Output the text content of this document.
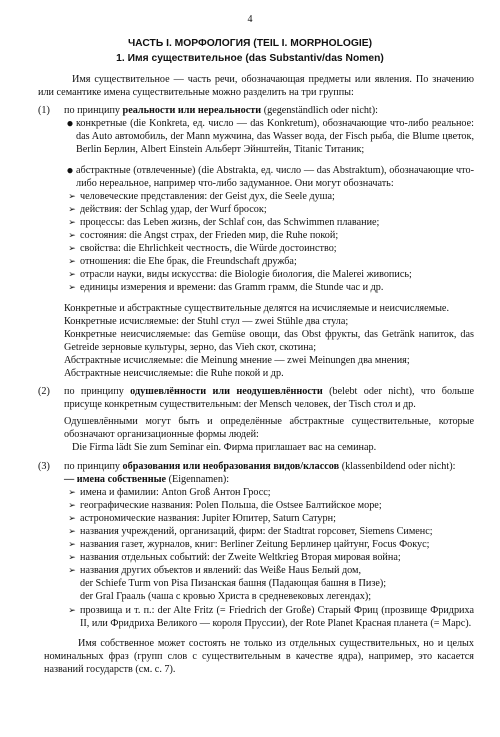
4
ЧАСТЬ I. МОРФОЛОГИЯ (TEIL I. MORPHOLOGIE)
1. Имя существительное (das Substantiv/das Nomen)

Имя существительное — часть речи, обозначающая предметы или явления. По значению или семантике имена существительные можно разделить на три группы:

(1)	по принципу реальности или нереальности (gegenständlich oder nicht):

● конкретные (die Konkreta, ед. число — das Konkretum), обозначающие что-либо реальное: das Auto автомобиль, der Mann мужчина, das Wasser вода, der Fisch рыба, die Blume цветок, Berlin Берлин, Albert Einstein Альберт Эйнштейн, Titanic Титаник;
● абстрактные (отвлеченные) (die Abstrakta, ед. число — das Abstraktum), обозначающие что-либо нереальное, например что-либо задуманное. Они могут обозначать:
➢ человеческие представления: der Geist дух, die Seele душа;
➢ действия: der Schlag удар, der Wurf бросок;
➢ процессы: das Leben жизнь, der Schlaf сон, das Schwimmen плавание;
➢ состояния: die Angst страх, der Frieden мир, die Ruhe покой;
➢ свойства: die Ehrlichkeit честность, die Würde достоинство;
➢ отношения: die Ehe брак, die Freundschaft дружба;
➢ отрасли науки, виды искусства: die Biologie биология, die Malerei живопись;
➢ единицы измерения и времени: das Gramm грамм, die Stunde час и др.

Конкретные и абстрактные существительные делятся на исчисляемые и неисчисляемые.

Конкретные исчисляемые: der Stuhl стул — zwei Stühle два стула;

Конкретные неисчисляемые: das Gemüse овощи, das Obst фрукты, das Getränk напиток, das Getreide зерновые культуры, зерно, das Vieh скот, скотина;

Абстрактные исчисляемые: die Meinung мнение — zwei Meinungen два мнения;

Абстрактные неисчисляемые: die Ruhe покой и др.

(2)	по принципу одушевлённости или неодушевлённости (belebt oder nicht), что больше присуще конкретным существительным: der Mensch человек, der Tisch стол и др.

Одушевлёнными могут быть и определённые абстрактные существительные, которые обозначают организационные формы людей:

Die Firma lädt Sie zum Seminar ein. Фирма приглашает вас на семинар.

(3)	по принципу образования или необразования видов/классов (klassenbildend oder nicht):

— имена собственные (Eigennamen):

➢ имена и фамилии: Anton Groß Антон Гросс;
➢ географические названия: Polen Польша, die Ostsee Балтийское море;
➢ астрономические названия: Jupiter Юпитер, Saturn Сатурн;
➢ названия учреждений, организаций, фирм: der Stadtrat горсовет, Siemens Сименс;
➢ названия газет, журналов, книг: Berliner Zeitung Берлинер цайтунг, Focus Фокус;
➢ названия отдельных событий: der Zweite Weltkrieg Вторая мировая война;
➢ названия других объектов и явлений: das Weiße Haus Белый дом,

der Schiefe Turm von Pisa Пизанская башня (Падающая башня в Пизе);

der Gral Грааль (чаша с кровью Христа в средневековых легендах);

➢ прозвища и т. п.: der Alte Fritz (= Friedrich der Große) Старый Фриц (прозвище Фридриха II, или Фридриха Великого — короля Пруссии), der Rote Planet Красная планета (= Марс).

Имя собственное может состоять не только из отдельных существительных, но и целых номинальных фраз (групп слов с существительным в качестве ядра), например, это касается названий государств (см. с. 7).
